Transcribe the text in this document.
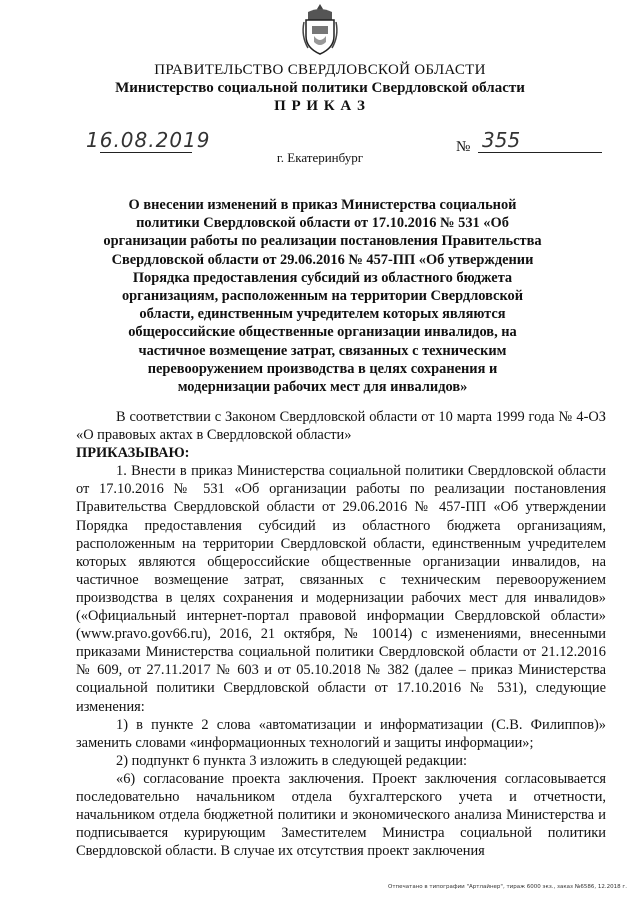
ПРАВИТЕЛЬСТВО СВЕРДЛОВСКОЙ ОБЛАСТИ
Министерство социальной политики Свердловской области
П Р И К А З
16.08.2019	№ 355
г. Екатеринбург
О внесении изменений в приказ Министерства социальной политики Свердловской области от 17.10.2016 № 531 «Об организации работы по реализации постановления Правительства Свердловской области от 29.06.2016 № 457-ПП «Об утверждении Порядка предоставления субсидий из областного бюджета организациям, расположенным на территории Свердловской области, единственным учредителем которых являются общероссийские общественные организации инвалидов, на частичное возмещение затрат, связанных с техническим перевооружением производства в целях сохранения и модернизации рабочих мест для инвалидов»

В соответствии с Законом Свердловской области от 10 марта 1999 года № 4-ОЗ «О правовых актах в Свердловской области»

ПРИКАЗЫВАЮ:

1. Внести в приказ Министерства социальной политики Свердловской области от 17.10.2016 № 531 «Об организации работы по реализации постановления Правительства Свердловской области от 29.06.2016 № 457-ПП «Об утверждении Порядка предоставления субсидий из областного бюджета организациям, расположенным на территории Свердловской области, единственным учредителем которых являются общероссийские общественные организации инвалидов, на частичное возмещение затрат, связанных с техническим перевооружением производства в целях сохранения и модернизации рабочих мест для инвалидов» («Официальный интернет-портал правовой информации Свердловской области» (www.pravo.gov66.ru), 2016, 21 октября, № 10014) с изменениями, внесенными приказами Министерства социальной политики Свердловской области от 21.12.2016 № 609, от 27.11.2017 № 603 и от 05.10.2018 № 382 (далее – приказ Министерства социальной политики Свердловской области от 17.10.2016 № 531), следующие изменения:

1) в пункте 2 слова «автоматизации и информатизации (С.В. Филиппов)» заменить словами «информационных технологий и защиты информации»;

2) подпункт 6 пункта 3 изложить в следующей редакции:

«6) согласование проекта заключения. Проект заключения согласовывается последовательно начальником отдела бухгалтерского учета и отчетности, начальником отдела бюджетной политики и экономического анализа Министерства и подписывается курирующим Заместителем Министра социальной политики Свердловской области. В случае их отсутствия проект заключения

Отпечатано в типографии "Артлайнер", тираж 6000 экз., заказ №6586, 12.2018 г.
